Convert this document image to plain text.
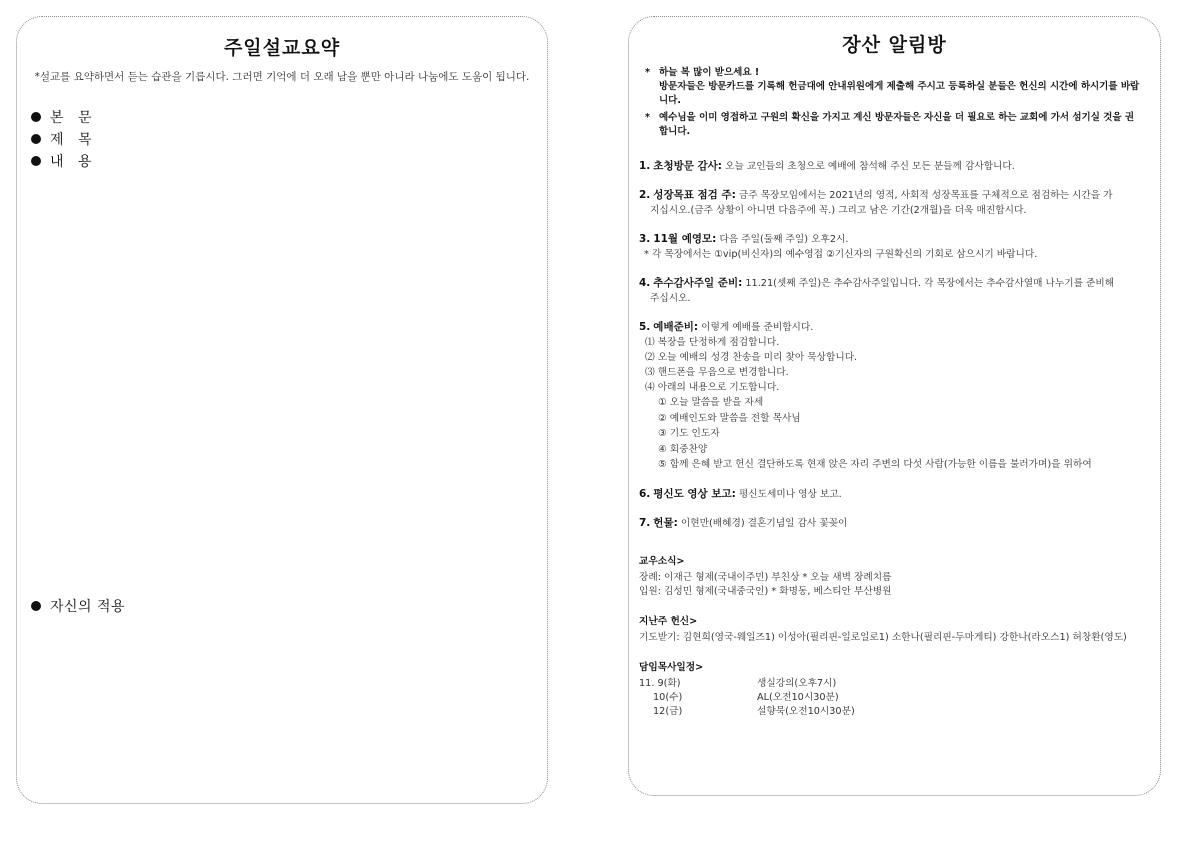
주일설교요약
*설교를 요약하면서 듣는 습관을 기릅시다. 그러면 기억에 더 오래 남을 뿐만 아니라 나눔에도 도움이 됩니다.
본 문
제 목
내 용
자신의 적용
장산 알림방
* 하늘 복 많이 받으세요 !
방문자들은 방문카드를 기록해 헌금대에 안내위원에게 제출해 주시고 등록하실 분들은 헌신의 시간에 하시기를 바랍니다.
* 예수님을 이미 영접하고 구원의 확신을 가지고 계신 방문자들은 자신을 더 필요로 하는 교회에 가서 섬기실 것을 권합니다.
1. 초청방문 감사: 오늘 교인들의 초청으로 예배에 참석해 주신 모든 분들께 감사합니다.
2. 성장목표 점검 주: 금주 목장모임에서는 2021년의 영적, 사회적 성장목표를 구체적으로 점검하는 시간을 가
지십시오.(금주 상황이 아니면 다음주에 꼭.) 그리고 남은 기간(2개월)을 더욱 매진합시다.
3. 11월 예영모: 다음 주일(둘째 주일) 오후2시.
* 각 목장에서는 ①vip(비신자)의 예수영접 ②기신자의 구원확신의 기회로 삼으시기 바랍니다.
4. 추수감사주일 준비: 11.21(셋째 주일)은 추수감사주일입니다. 각 목장에서는 추수감사열매 나누기를 준비해
주십시오.
5. 예배준비: 이렇게 예배를 준비합시다.
⑴ 복장을 단정하게 점검합니다.
⑵ 오늘 예배의 성경 찬송을 미리 찾아 묵상합니다.
⑶ 핸드폰을 무음으로 변경합니다.
⑷ 아래의 내용으로 기도합니다.
① 오늘 말씀을 받을 자세
② 예배인도와 말씀을 전할 목사님
③ 기도 인도자
④ 회중찬양
⑤ 함께 은혜 받고 헌신 결단하도록 현재 앉은 자리 주변의 다섯 사람(가능한 이름을 불러가며)을 위하여
6. 평신도 영상 보고: 평신도세미나 영상 보고.
7. 헌물: 이현만(배혜경) 결혼기념일 감사 꽃꽂이
교우소식>
장례: 이재근 형제(국내이주민) 부친상 * 오늘 새벽 장례치름
입원: 김성민 형제(국내중국인) * 화명동, 베스티안 부산병원
지난주 헌신>
기도받기: 김현희(영국-웨일즈1) 이성아(필리핀-일로일로1) 소한나(필리핀-두마게티) 강한나(라오스1) 허창환(영도)
담임목사일정>
11. 9(화)	생실강의(오후7시)
10(수)	AL(오전10시30분)
12(금)	설향묵(오전10시30분)
